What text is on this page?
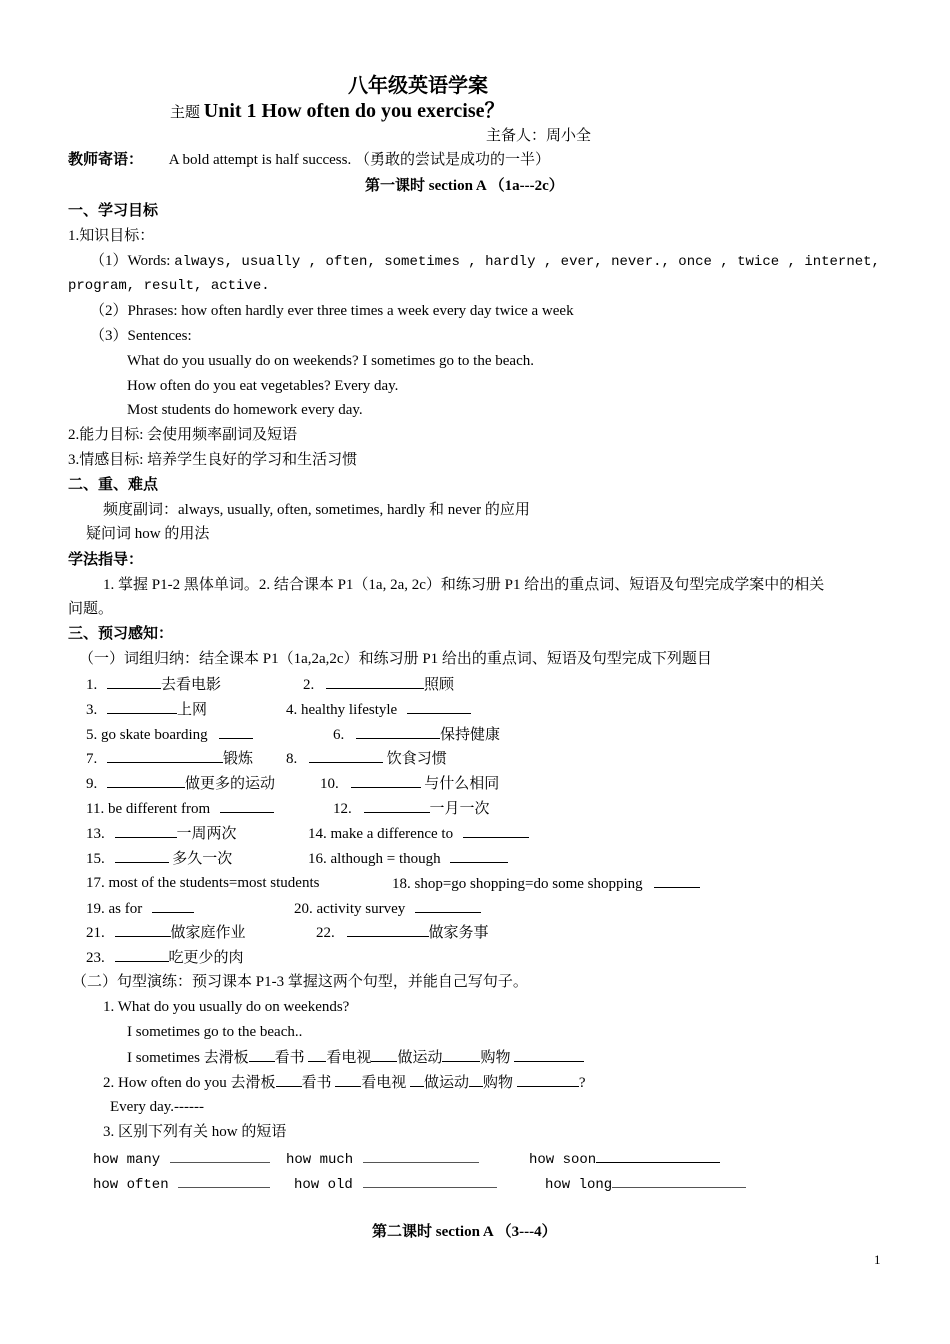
八年级英语学案
主题 Unit 1 How often do you exercise？
主备人：周小全
教师寄语： A bold attempt is half success. （勇敢的尝试是成功的一半）
第一课时 section A （1a---2c）
一、学习目标
1.知识目标：
（1）Words: always, usually , often, sometimes , hardly , ever, never., once , twice , internet,
program, result, active.
（2）Phrases: how often hardly ever three times a week every day twice a week
（3）Sentences:
What do you usually do on weekends? I sometimes go to the beach.
How often do you eat vegetables? Every day.
Most students do homework every day.
2.能力目标: 会使用频率副词及短语
3.情感目标: 培养学生良好的学习和生活习惯
二、重、难点
频度副词：always, usually, often, sometimes, hardly 和 never 的应用
疑问词 how 的用法
学法指导：
1. 掌握 P1-2 黑体单词。2. 结合课本 P1（1a, 2a, 2c）和练习册 P1 给出的重点词、短语及句型完成学案中的相关
问题。
三、预习感知：
（一）词组归纳：结全课本 P1（1a,2a,2c）和练习册 P1 给出的重点词、短语及句型完成下列题目
1.	去看电影	2.	照顾
3.	上网	4. healthy lifestyle
5. go skate boarding	6.	保持健康
7.	锻炼 8.	饮食习惯
9.	做更多的运动	10.	与什么相同
11. be different from	12.	一月一次
13.	一周两次	14. make a difference to
15.	多久一次	16. although = though
17. most of the students=most students	18. shop=go shopping=do some shopping
19. as for	20. activity survey
21.	做家庭作业	22.	做家务事
23.	吃更少的肉
（二）句型演练：预习课本 P1-3 掌握这两个句型，并能自己写句子。
1. What do you usually do on weekends?
I sometimes go to the beach..
I sometimes 去滑板 看书 看电视 做运动	购物
2. How often do you 去滑板 看书 看电视 做运动 购物	?
Every day.------
3. 区别下列有关 how 的短语
how many	how much	how soon
how often	how old	how long
第二课时 section A （3---4）
1
